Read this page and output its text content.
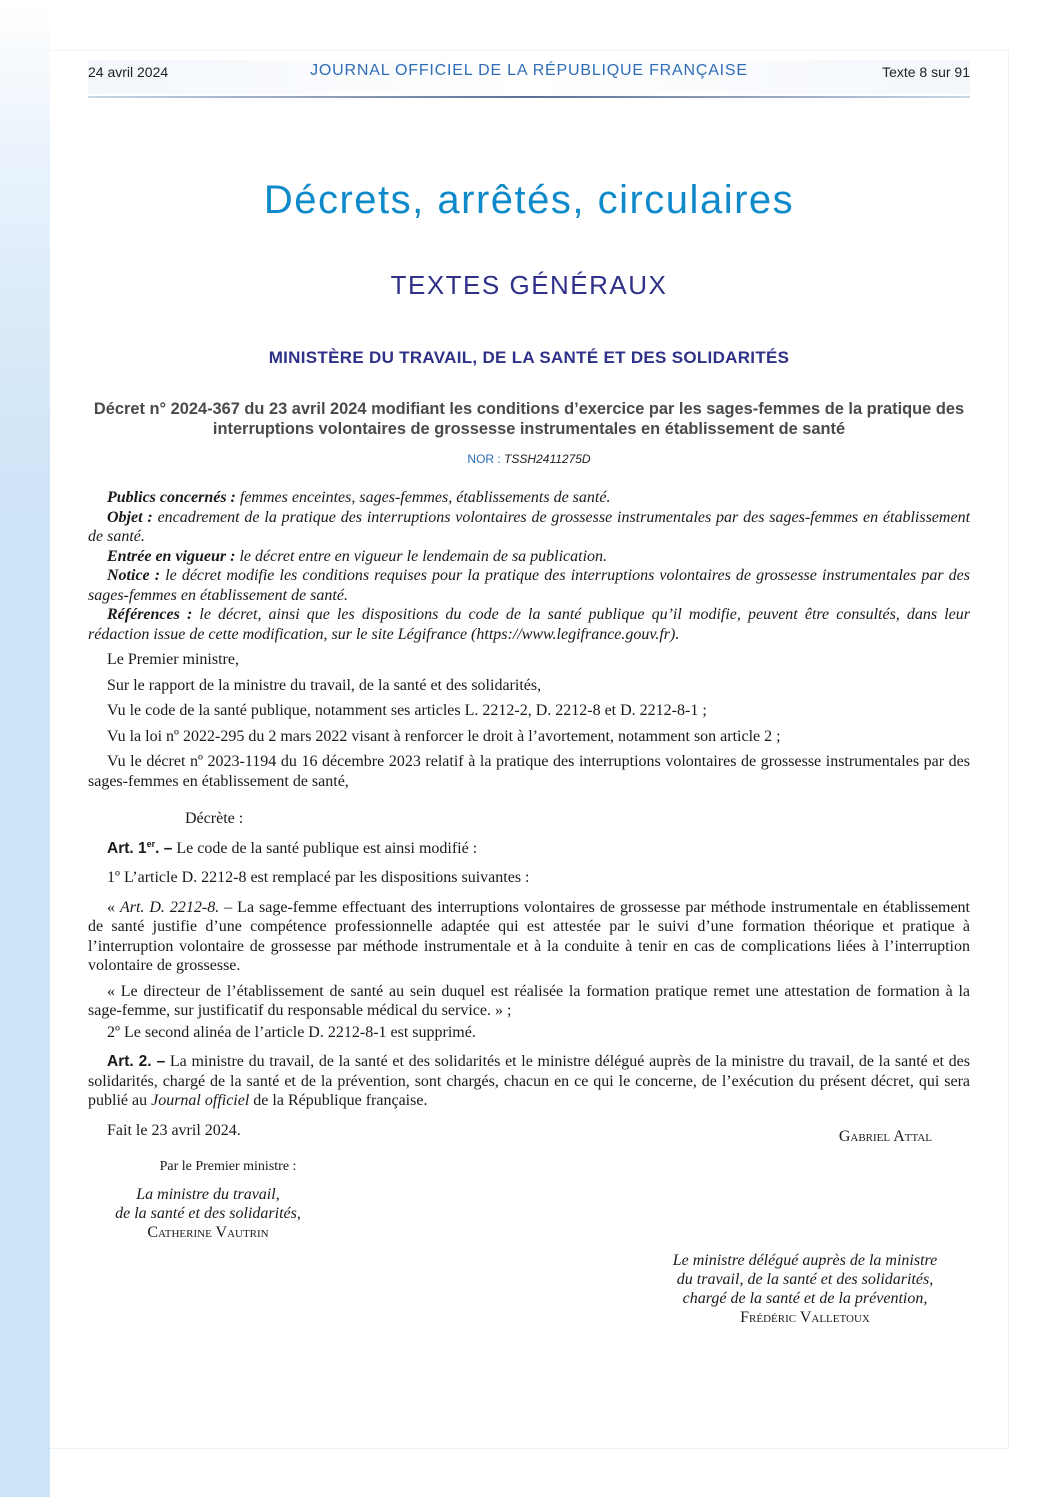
24 avril 2024	JOURNAL OFFICIEL DE LA RÉPUBLIQUE FRANÇAISE	Texte 8 sur 91
Décrets, arrêtés, circulaires
TEXTES GÉNÉRAUX
MINISTÈRE DU TRAVAIL, DE LA SANTÉ ET DES SOLIDARITÉS
Décret n° 2024-367 du 23 avril 2024 modifiant les conditions d’exercice par les sages-femmes de la pratique des interruptions volontaires de grossesse instrumentales en établissement de santé
NOR : TSSH2411275D

Publics concernés : femmes enceintes, sages-femmes, établissements de santé.

Objet : encadrement de la pratique des interruptions volontaires de grossesse instrumentales par des sages-femmes en établissement de santé.

Entrée en vigueur : le décret entre en vigueur le lendemain de sa publication.

Notice : le décret modifie les conditions requises pour la pratique des interruptions volontaires de grossesse instrumentales par des sages-femmes en établissement de santé.

Références : le décret, ainsi que les dispositions du code de la santé publique qu’il modifie, peuvent être consultés, dans leur rédaction issue de cette modification, sur le site Légifrance (https://www.legifrance.gouv.fr).

Le Premier ministre,

Sur le rapport de la ministre du travail, de la santé et des solidarités,

Vu le code de la santé publique, notamment ses articles L. 2212-2, D. 2212-8 et D. 2212-8-1 ;

Vu la loi nº 2022-295 du 2 mars 2022 visant à renforcer le droit à l’avortement, notamment son article 2 ;

Vu le décret nº 2023-1194 du 16 décembre 2023 relatif à la pratique des interruptions volontaires de grossesse instrumentales par des sages-femmes en établissement de santé,

Décrète :

Art. 1er. – Le code de la santé publique est ainsi modifié :

1º L’article D. 2212-8 est remplacé par les dispositions suivantes :

« Art. D. 2212-8. – La sage-femme effectuant des interruptions volontaires de grossesse par méthode instrumentale en établissement de santé justifie d’une compétence professionnelle adaptée qui est attestée par le suivi d’une formation théorique et pratique à l’interruption volontaire de grossesse par méthode instrumentale et à la conduite à tenir en cas de complications liées à l’interruption volontaire de grossesse.

« Le directeur de l’établissement de santé au sein duquel est réalisée la formation pratique remet une attestation de formation à la sage-femme, sur justificatif du responsable médical du service. » ;

2º Le second alinéa de l’article D. 2212-8-1 est supprimé.

Art. 2. – La ministre du travail, de la santé et des solidarités et le ministre délégué auprès de la ministre du travail, de la santé et des solidarités, chargé de la santé et de la prévention, sont chargés, chacun en ce qui le concerne, de l’exécution du présent décret, qui sera publié au Journal officiel de la République française.

Fait le 23 avril 2024.	Gabriel Attal
Par le Premier ministre :
La ministre du travail,
de la santé et des solidarités,
Catherine Vautrin
Le ministre délégué auprès de la ministre
du travail, de la santé et des solidarités,
chargé de la santé et de la prévention,
Frédéric Valletoux
